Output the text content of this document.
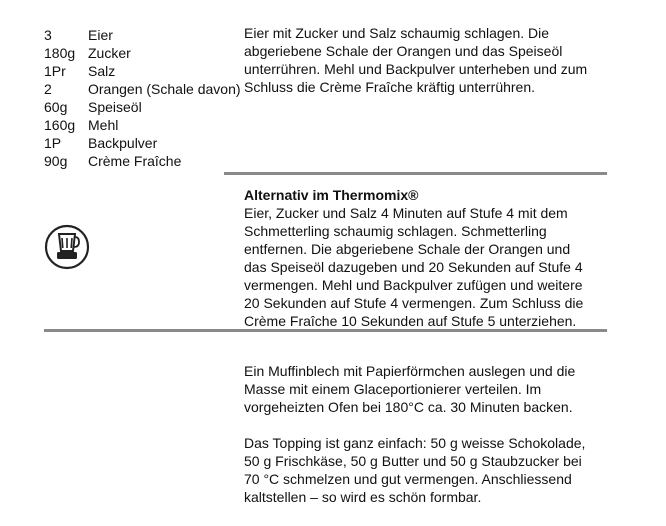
3	Eier
180g Zucker
1Pr	Salz
2	Orangen (Schale davon)
60g	Speiseöl
160g Mehl
1P	Backpulver
90g	Crème Fraîche

Eier mit Zucker und Salz schaumig schlagen. Die abgeriebene Schale der Orangen und das Speiseöl unterrühren. Mehl und Backpulver unterheben und zum Schluss die Crème Fraîche kräftig unterrühren.

Alternativ im Thermomix®

Eier, Zucker und Salz 4 Minuten auf Stufe 4 mit dem Schmetterling schaumig schlagen. Schmetterling entfernen. Die abgeriebene Schale der Orangen und das Speiseöl dazugeben und 20 Sekunden auf Stufe 4 vermengen. Mehl und Backpulver zufügen und weitere 20 Sekunden auf Stufe 4 vermengen. Zum Schluss die Crème Fraîche 10 Sekunden auf Stufe 5 unterziehen.

Ein Muffinblech mit Papierförmchen auslegen und die Masse mit einem Glaceportionierer verteilen. Im vorgeheizten Ofen bei 180°C ca. 30 Minuten backen.

Das Topping ist ganz einfach: 50 g weisse Schokolade, 50 g Frischkäse, 50 g Butter und 50 g Staubzucker bei 70 °C schmelzen und gut vermengen. Anschliessend kaltstellen – so wird es schön formbar.
